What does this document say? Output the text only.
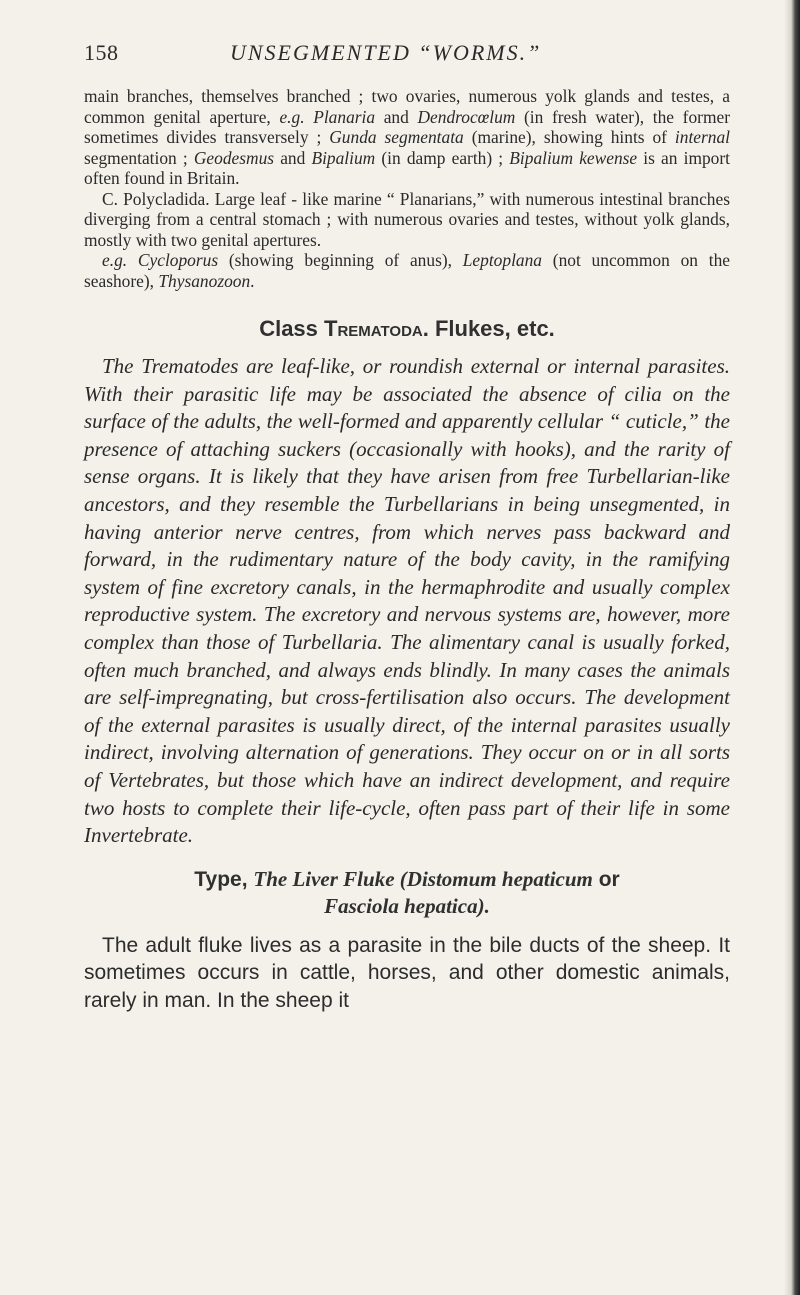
158	UNSEGMENTED “WORMS.”

main branches, themselves branched ; two ovaries, numerous yolk glands and testes, a common genital aperture, e.g. Planaria and Dendrocœlum (in fresh water), the former sometimes divides transversely ; Gunda segmentata (marine), showing hints of internal segmentation ; Geodesmus and Bipalium (in damp earth) ; Bipalium kewense is an import often found in Britain.

C. Polycladida. Large leaf - like marine “ Planarians,” with numerous intestinal branches diverging from a central stomach ; with numerous ovaries and testes, without yolk glands, mostly with two genital apertures.

e.g. Cycloporus (showing beginning of anus), Leptoplana (not uncommon on the seashore), Thysanozoon.

Class Trematoda. Flukes, etc.

The Trematodes are leaf-like, or roundish external or internal parasites. With their parasitic life may be associated the absence of cilia on the surface of the adults, the well-formed and apparently cellular “ cuticle,” the presence of attaching suckers (occasionally with hooks), and the rarity of sense organs. It is likely that they have arisen from free Turbellarian-like ancestors, and they resemble the Turbellarians in being unsegmented, in having anterior nerve centres, from which nerves pass backward and forward, in the rudimentary nature of the body cavity, in the ramifying system of fine excretory canals, in the hermaphrodite and usually complex reproductive system. The excretory and nervous systems are, however, more complex than those of Turbellaria. The alimentary canal is usually forked, often much branched, and always ends blindly. In many cases the animals are self-impregnating, but cross-fertilisation also occurs. The development of the external parasites is usually direct, of the internal parasites usually indirect, involving alternation of generations. They occur on or in all sorts of Vertebrates, but those which have an indirect development, and require two hosts to complete their life-cycle, often pass part of their life in some Invertebrate.

Type, The Liver Fluke (Distomum hepaticum or
Fasciola hepatica).

The adult fluke lives as a parasite in the bile ducts of the sheep. It sometimes occurs in cattle, horses, and other domestic animals, rarely in man. In the sheep it
